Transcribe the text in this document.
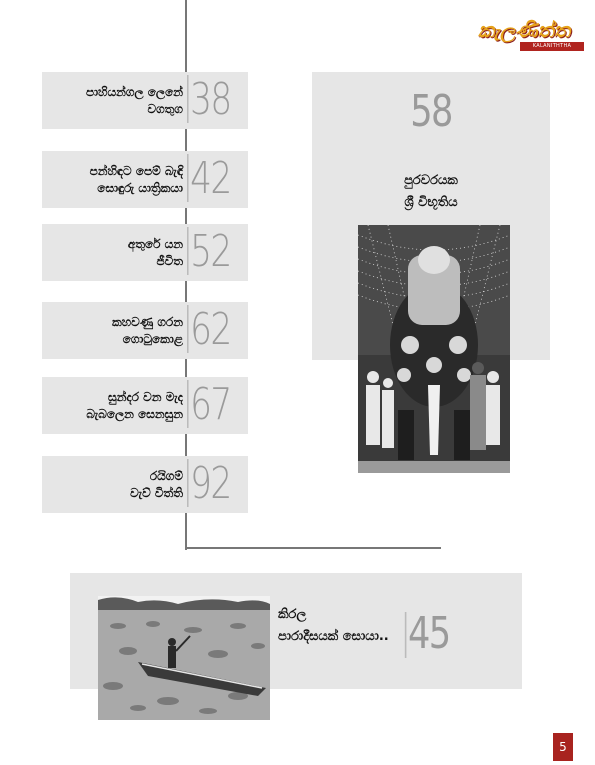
කැලණිත්ත
KALANITHTHA
පාහියන්ගල ලෙනේ
වගතුග 38
පන්හිඳට පෙම් බැඳි
සොඳුරු යාත්‍රිකයා 42
අතුරේ යන
ජීවිත 52
කහවණු ගරන
ගොටුකොළ 62
සුන්දර වන මැද
බැබලෙන සෙනසුන 67
රයිගම්
වැව් විත්ති 92
58
පුරවරයක
ශ්‍රී විභූතිය
කිරල
පාරාදීසයක් සොයා.. 45
5
